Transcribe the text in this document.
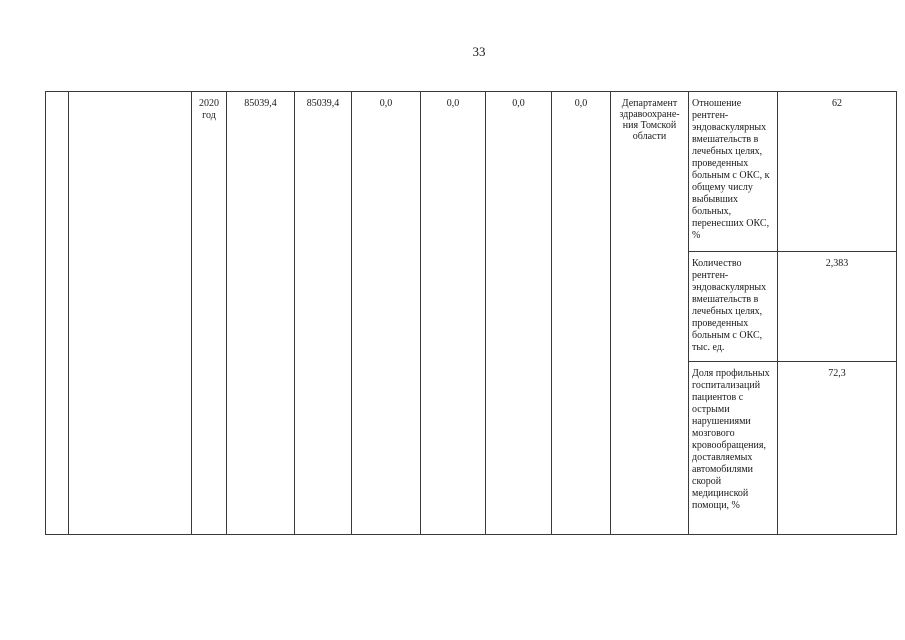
33
		2020 год	85039,4	85039,4	0,0	0,0	0,0	0,0	Департамент здравоохране-ния Томской области	Отношение рентген-эндоваскулярных вмешательств в лечебных целях, проведенных больным с ОКС, к общему числу выбывших больных, перенесших ОКС, %	62
										Количество рентген-эндоваскулярных вмешательств в лечебных целях, проведенных больным с ОКС, тыс. ед.	2,383
										Доля профильных госпитализаций пациентов с острыми нарушениями мозгового кровообращения, доставляемых автомобилями скорой медицинской помощи, %	72,3
